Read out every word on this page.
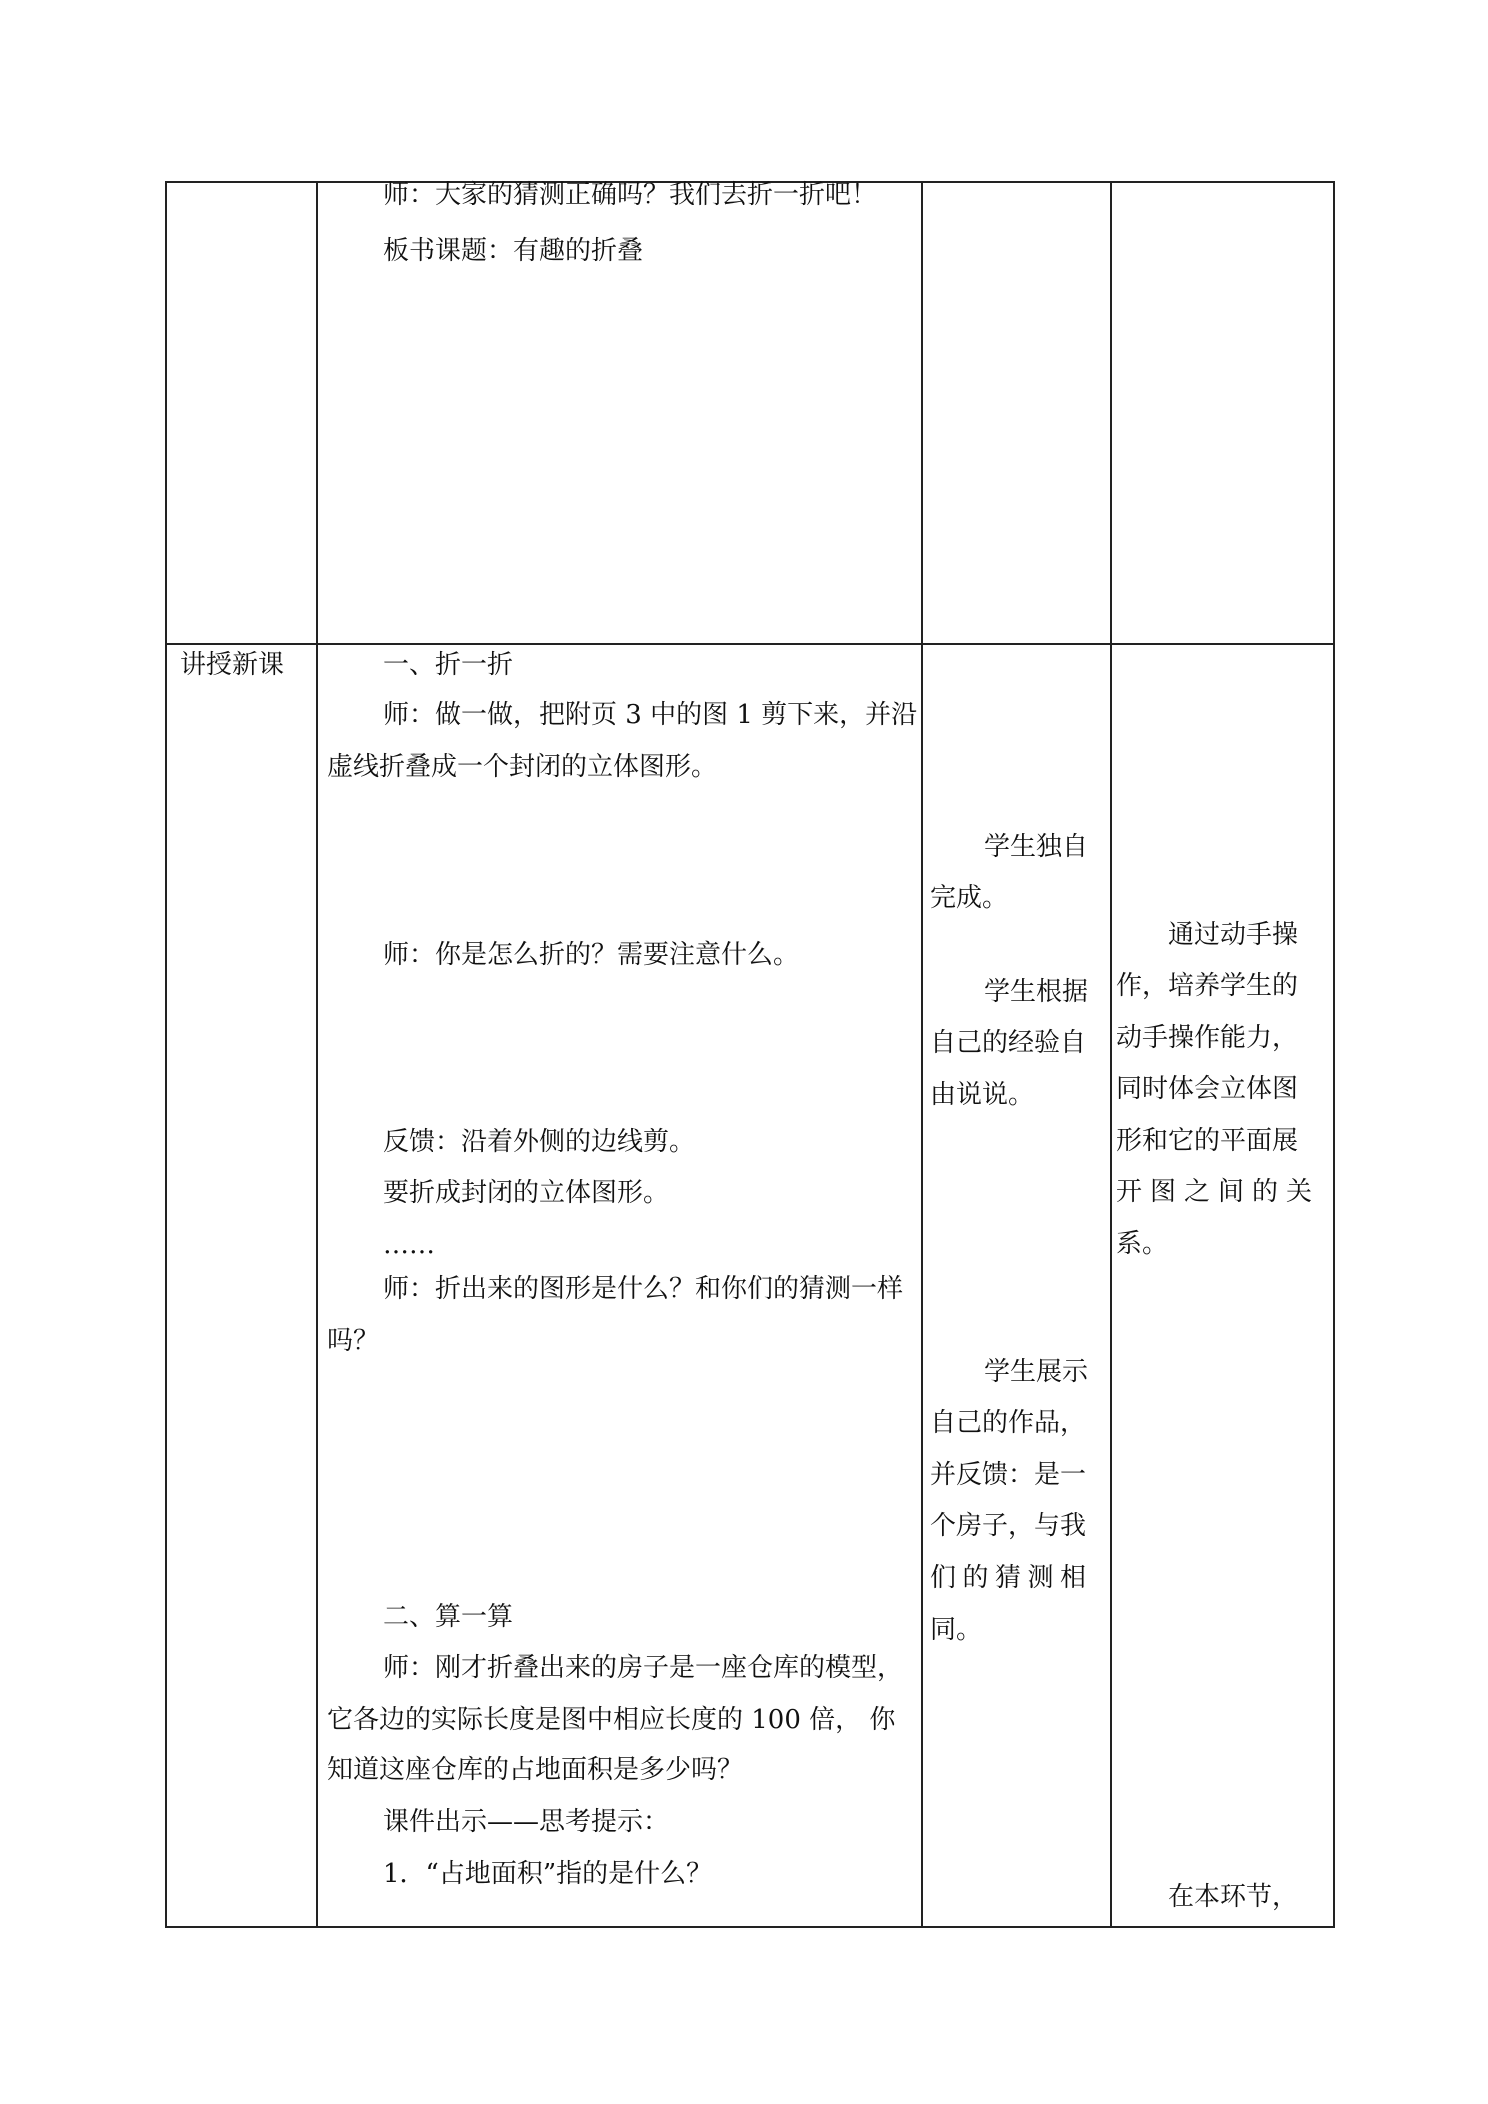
师：大家的猜测正确吗？我们去折一折吧！
板书课题：有趣的折叠
讲授新课	一、折一折
师：做一做，把附页 3 中的图 1 剪下来，并沿
虚线折叠成一个封闭的立体图形。
师：你是怎么折的？需要注意什么。
反馈：沿着外侧的边线剪。
要折成封闭的立体图形。
……
师：折出来的图形是什么？和你们的猜测一样
吗？
二、算一算
师：刚才折叠出来的房子是一座仓库的模型，
它各边的实际长度是图中相应长度的 100 倍， 你
知道这座仓库的占地面积是多少吗？
课件出示——思考提示：
1．“占地面积”指的是什么？
学生独自
完成。
学生根据
自己的经验自
由说说。
学生展示
自己的作品，
并反馈：是一
个房子，与我
们的猜测相
同。
通过动手操
作，培养学生的
动手操作能力，
同时体会立体图
形和它的平面展
开图之间的关
系。
在本环节，
